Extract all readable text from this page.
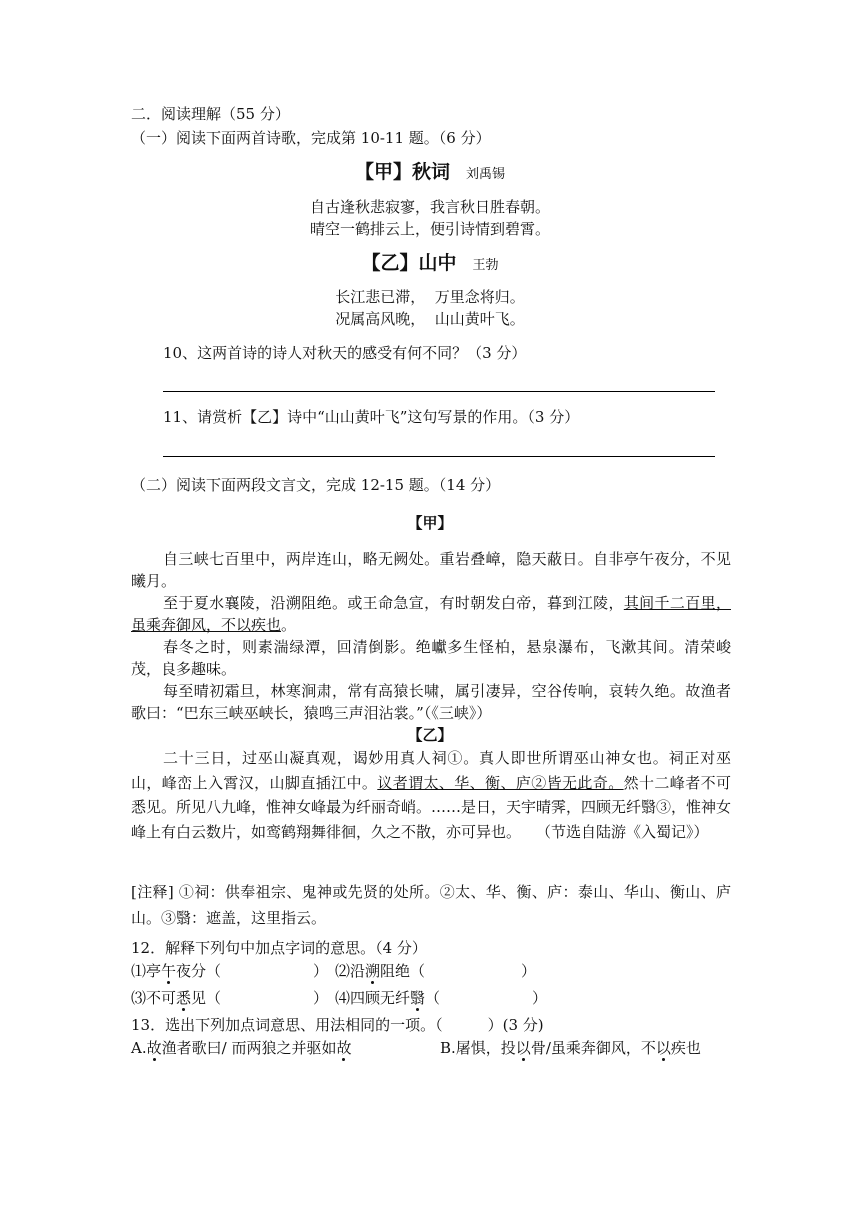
二．阅读理解（55 分）
（一）阅读下面两首诗歌，完成第 10-11 题。（6 分）
【甲】秋词 刘禹锡
自古逢秋悲寂寥，我言秋日胜春朝。
晴空一鹤排云上，便引诗情到碧霄。
【乙】山中 王勃
长江悲已滞，  万里念将归。
况属高风晚，  山山黄叶飞。
10、这两首诗的诗人对秋天的感受有何不同？（3 分）
11、请赏析【乙】诗中“山山黄叶飞”这句写景的作用。（3 分）
（二）阅读下面两段文言文，完成 12-15 题。（14 分）
【甲】
自三峡七百里中，两岸连山，略无阙处。重岩叠嶂，隐天蔽日。自非亭午夜分，不见曦月。
至于夏水襄陵，沿溯阻绝。或王命急宣，有时朝发白帝，暮到江陵，其间千二百里，虽乘奔御风，不以疾也。
春冬之时，则素湍绿潭，回清倒影。绝巘多生怪柏，悬泉瀑布，飞漱其间。清荣峻茂，良多趣味。
每至晴初霜旦，林寒涧肃，常有高猿长啸，属引凄异，空谷传响，哀转久绝。故渔者歌曰：“巴东三峡巫峡长，猿鸣三声泪沾裳。”（《三峡》）
【乙】
二十三日，过巫山凝真观，谒妙用真人祠①。真人即世所谓巫山神女也。祠正对巫山，峰峦上入霄汉，山脚直插江中。议者谓太、华、衡、庐②皆无此奇。然十二峰者不可悉见。所见八九峰，惟神女峰最为纤丽奇峭。……是日，天宇晴霁，四顾无纤翳③，惟神女峰上有白云数片，如鸾鹤翔舞徘徊，久之不散，亦可异也。　　（节选自陆游《入蜀记》）
[注释] ①祠：供奉祖宗、鬼神或先贤的处所。②太、华、衡、庐：泰山、华山、衡山、庐山。③翳：遮盖，这里指云。
12．解释下列句中加点字词的意思。（4 分）
⑴亭午夜分（	） ⑵沿溯阻绝（	）
⑶不可悉见（	） ⑷四顾无纤翳（	）
13．选出下列加点词意思、用法相同的一项。（　　　）(3 分)
A.故渔者歌曰/ 而两狼之并驱如故	B.屠惧，投以骨/虽乘奔御风，不以疾也
